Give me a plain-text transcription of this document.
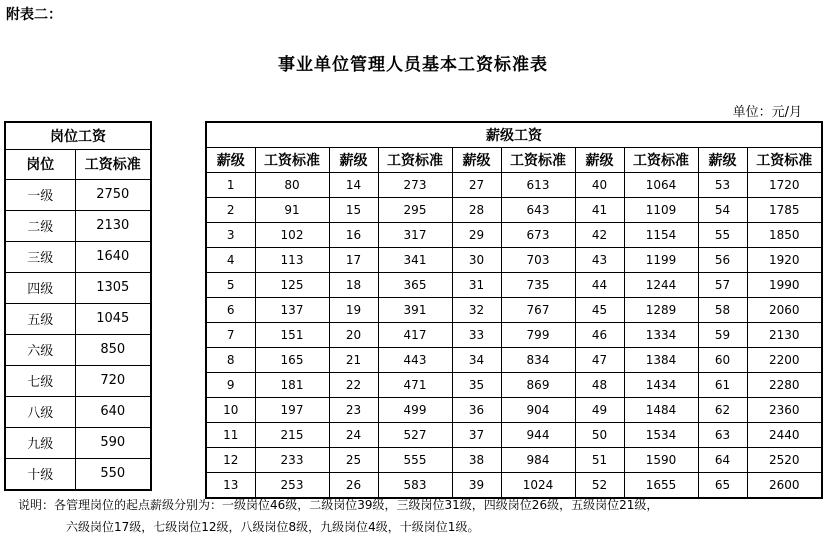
附表二：
事业单位管理人员基本工资标准表
单位：元/月
岗位工资	
岗位	工资标准
一级	2750
二级	2130
三级	1640
四级	1305
五级	1045
六级	850
七级	720
八级	640
九级	590
十级	550
薪级工资									
薪级	工资标准	薪级	工资标准	薪级	工资标准	薪级	工资标准	薪级	工资标准
1	80	14	273	27	613	40	1064	53	1720
2	91	15	295	28	643	41	1109	54	1785
3	102	16	317	29	673	42	1154	55	1850
4	113	17	341	30	703	43	1199	56	1920
5	125	18	365	31	735	44	1244	57	1990
6	137	19	391	32	767	45	1289	58	2060
7	151	20	417	33	799	46	1334	59	2130
8	165	21	443	34	834	47	1384	60	2200
9	181	22	471	35	869	48	1434	61	2280
10	197	23	499	36	904	49	1484	62	2360
11	215	24	527	37	944	50	1534	63	2440
12	233	25	555	38	984	51	1590	64	2520
13	253	26	583	39	1024	52	1655	65	2600
说明：各管理岗位的起点薪级分别为：一级岗位46级，二级岗位39级，三级岗位31级，四级岗位26级，五级岗位21级，
六级岗位17级，七级岗位12级，八级岗位8级，九级岗位4级，十级岗位1级。
